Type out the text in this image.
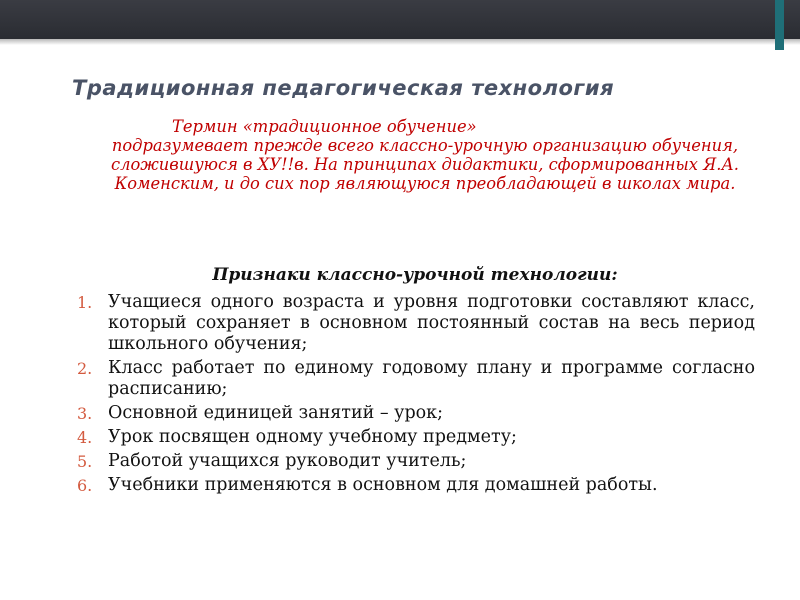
Традиционная педагогическая технология
Термин «традиционное обучение»
подразумевает прежде всего классно-урочную организацию обучения, сложившуюся в XУ!!в. На принципах дидактики, сформированных Я.А. Коменским, и до сих пор являющуюся преобладающей в школах мира.
Признаки классно-урочной технологии:
1. Учащиеся одного возраста и уровня подготовки составляют класс, который сохраняет в основном постоянный состав на весь период школьного обучения;
2. Класс работает по единому годовому плану и программе согласно расписанию;
3. Основной единицей занятий – урок;
4. Урок посвящен одному учебному предмету;
5. Работой учащихся руководит учитель;
6. Учебники применяются в основном для домашней работы.
